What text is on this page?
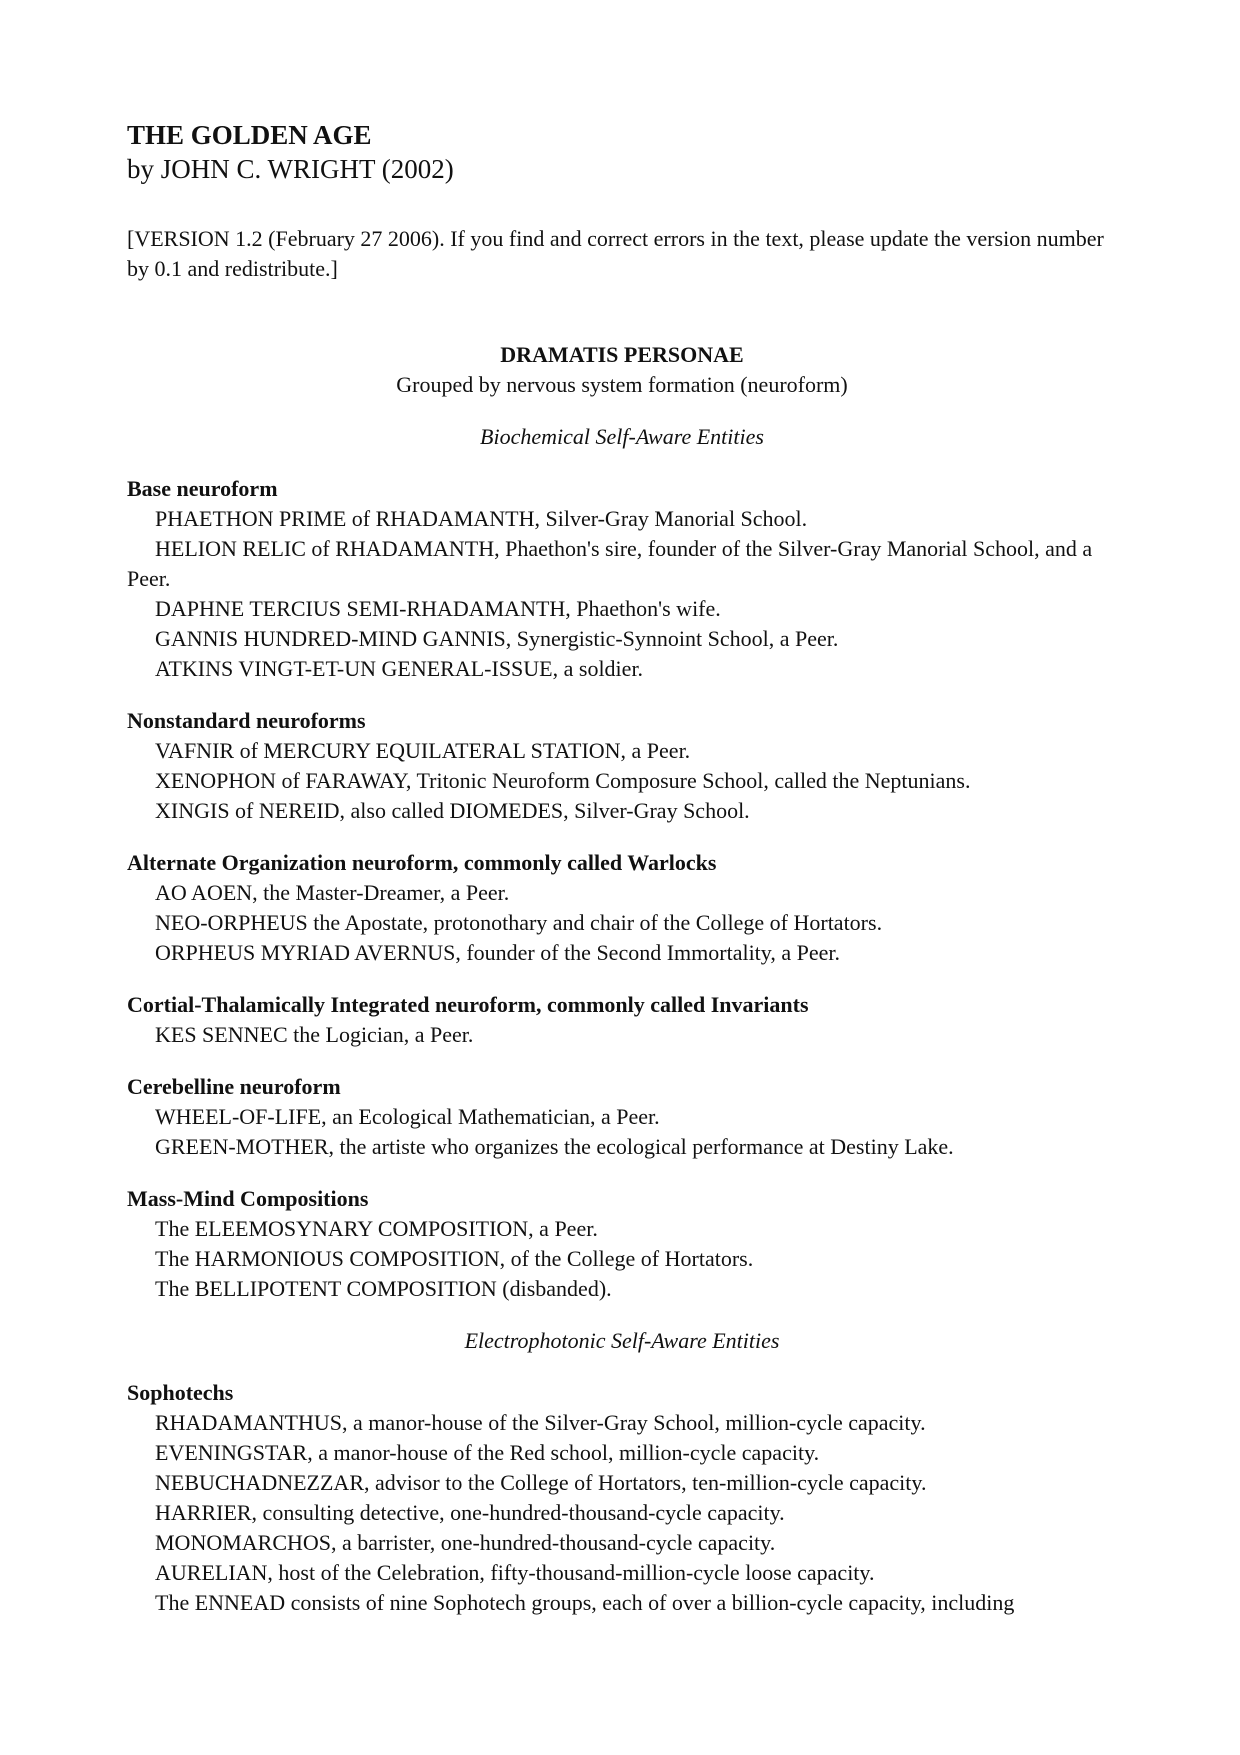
THE GOLDEN AGE
by JOHN C. WRIGHT (2002)
[VERSION 1.2 (February 27 2006). If you find and correct errors in the text, please update the version number by 0.1 and redistribute.]
DRAMATIS PERSONAE
Grouped by nervous system formation (neuroform)
Biochemical Self-Aware Entities
Base neuroform
PHAETHON PRIME of RHADAMANTH, Silver-Gray Manorial School.
HELION RELIC of RHADAMANTH, Phaethon's sire, founder of the Silver-Gray Manorial School, and a Peer.
DAPHNE TERCIUS SEMI-RHADAMANTH, Phaethon's wife.
GANNIS HUNDRED-MIND GANNIS, Synergistic-Synnoint School, a Peer.
ATKINS VINGT-ET-UN GENERAL-ISSUE, a soldier.
Nonstandard neuroforms
VAFNIR of MERCURY EQUILATERAL STATION, a Peer.
XENOPHON of FARAWAY, Tritonic Neuroform Composure School, called the Neptunians.
XINGIS of NEREID, also called DIOMEDES, Silver-Gray School.
Alternate Organization neuroform, commonly called Warlocks
AO AOEN, the Master-Dreamer, a Peer.
NEO-ORPHEUS the Apostate, protonothary and chair of the College of Hortators.
ORPHEUS MYRIAD AVERNUS, founder of the Second Immortality, a Peer.
Cortial-Thalamically Integrated neuroform, commonly called Invariants
KES SENNEC the Logician, a Peer.
Cerebelline neuroform
WHEEL-OF-LIFE, an Ecological Mathematician, a Peer.
GREEN-MOTHER, the artiste who organizes the ecological performance at Destiny Lake.
Mass-Mind Compositions
The ELEEMOSYNARY COMPOSITION, a Peer.
The HARMONIOUS COMPOSITION, of the College of Hortators.
The BELLIPOTENT COMPOSITION (disbanded).
Electrophotonic Self-Aware Entities
Sophotechs
RHADAMANTHUS, a manor-house of the Silver-Gray School, million-cycle capacity.
EVENINGSTAR, a manor-house of the Red school, million-cycle capacity.
NEBUCHADNEZZAR, advisor to the College of Hortators, ten-million-cycle capacity.
HARRIER, consulting detective, one-hundred-thousand-cycle capacity.
MONOMARCHOS, a barrister, one-hundred-thousand-cycle capacity.
AURELIAN, host of the Celebration, fifty-thousand-million-cycle loose capacity.
The ENNEAD consists of nine Sophotech groups, each of over a billion-cycle capacity, including
